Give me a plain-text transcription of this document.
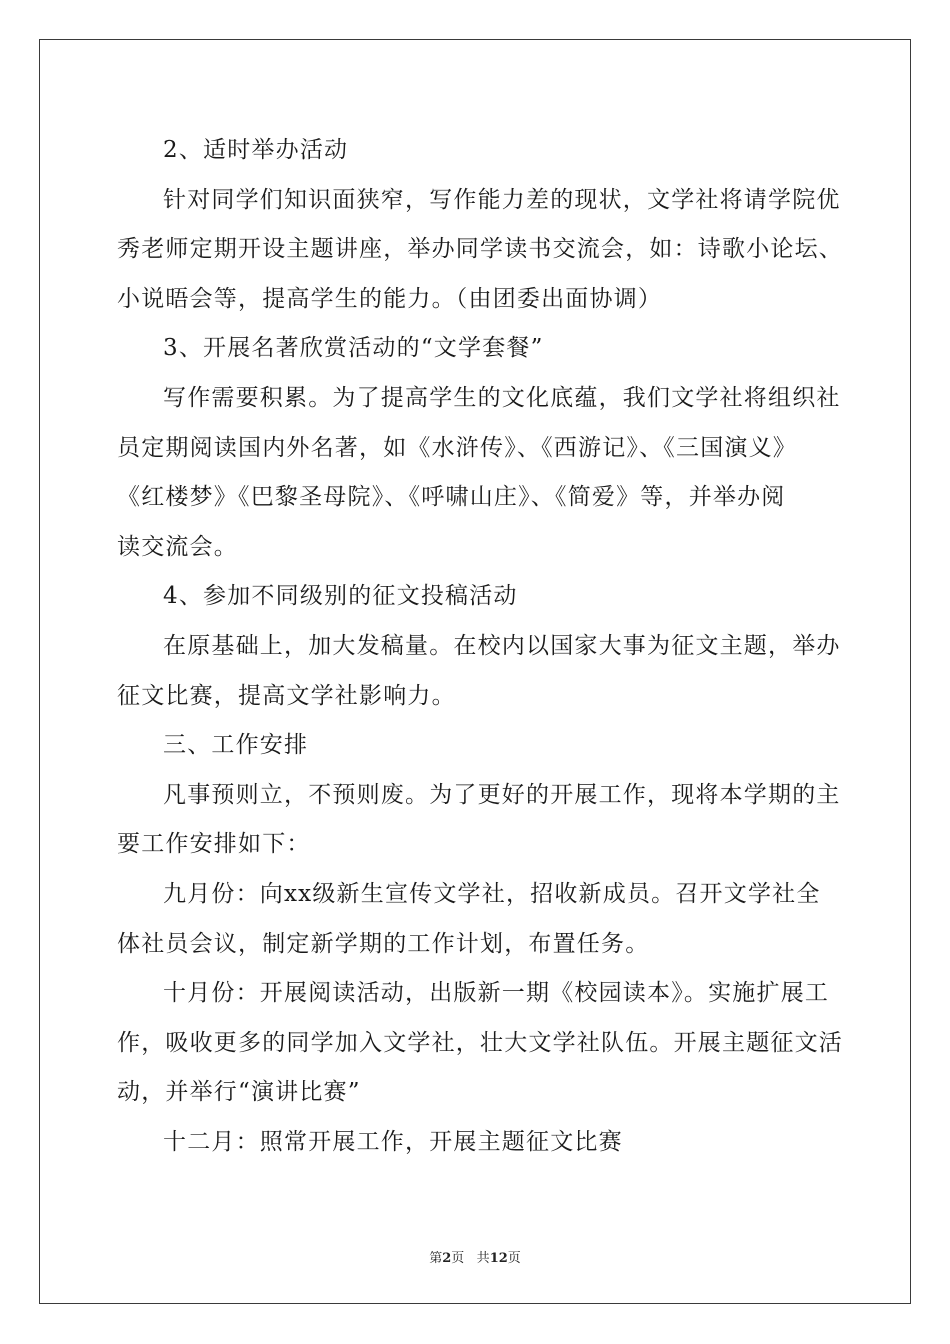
2、适时举办活动
针对同学们知识面狭窄，写作能力差的现状，文学社将请学院优
秀老师定期开设主题讲座，举办同学读书交流会，如：诗歌小论坛、
小说晤会等，提高学生的能力。（由团委出面协调）
3、开展名著欣赏活动的“文学套餐”
写作需要积累。为了提高学生的文化底蕴，我们文学社将组织社
员定期阅读国内外名著，如《水浒传》、《西游记》、《三国演义》
《红楼梦》《巴黎圣母院》、《呼啸山庄》、《简爱》等，并举办阅
读交流会。
4、参加不同级别的征文投稿活动
在原基础上，加大发稿量。在校内以国家大事为征文主题，举办
征文比赛，提高文学社影响力。
三、工作安排
凡事预则立，不预则废。为了更好的开展工作，现将本学期的主
要工作安排如下：
九月份：向xx级新生宣传文学社，招收新成员。召开文学社全
体社员会议，制定新学期的工作计划，布置任务。
十月份：开展阅读活动，出版新一期《校园读本》。实施扩展工
作，吸收更多的同学加入文学社，壮大文学社队伍。开展主题征文活
动，并举行“演讲比赛”
十二月：照常开展工作，开展主题征文比赛
第2页 共12页
